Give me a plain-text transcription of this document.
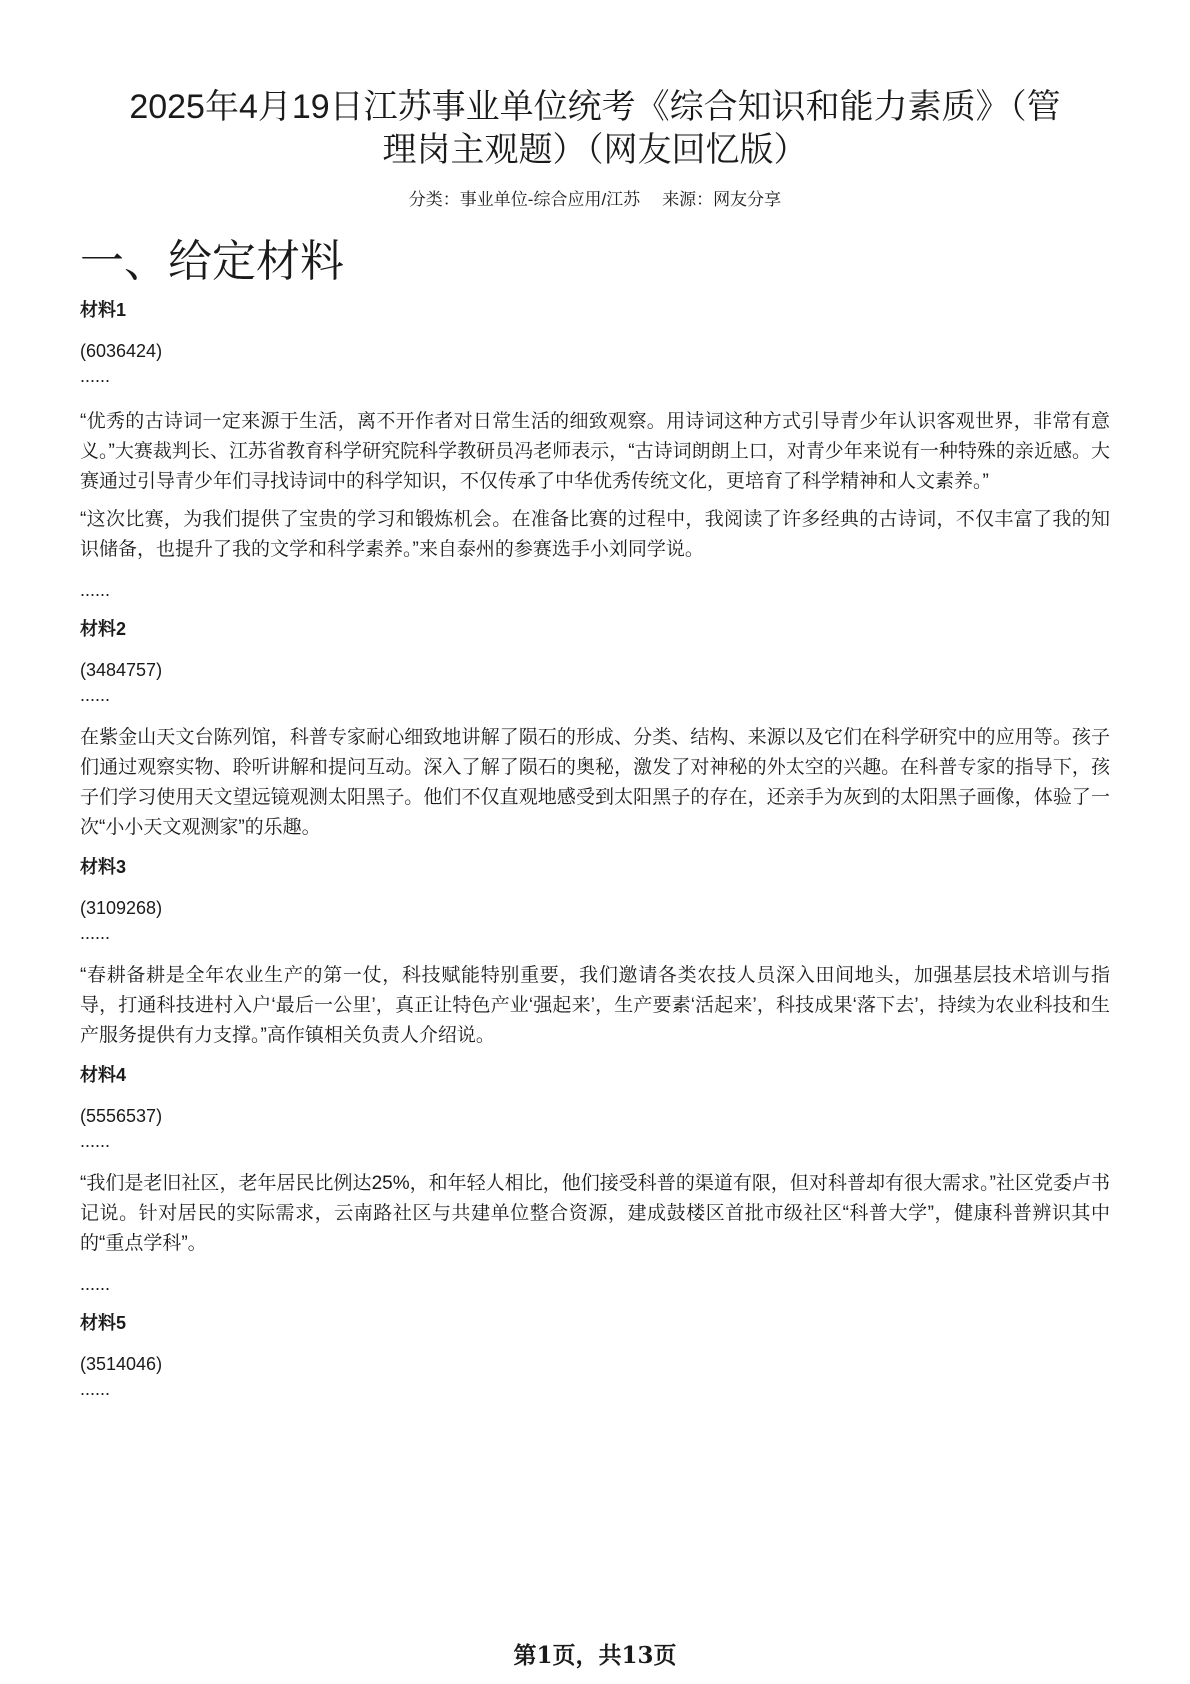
2025年4月19日江苏事业单位统考《综合知识和能力素质》（管
理岗主观题）（网友回忆版）
分类：事业单位-综合应用/江苏 来源：网友分享
一、给定材料

材料1

(6036424)

......

“优秀的古诗词一定来源于生活，离不开作者对日常生活的细致观察。用诗词这种方式引导青少年认识客观世界，非常有意义。”大赛裁判长、江苏省教育科学研究院科学教研员冯老师表示，“古诗词朗朗上口，对青少年来说有一种特殊的亲近感。大赛通过引导青少年们寻找诗词中的科学知识，不仅传承了中华优秀传统文化，更培育了科学精神和人文素养。”

“这次比赛，为我们提供了宝贵的学习和锻炼机会。在准备比赛的过程中，我阅读了许多经典的古诗词，不仅丰富了我的知识储备，也提升了我的文学和科学素养。”来自泰州的参赛选手小刘同学说。

......

材料2

(3484757)

......

在紫金山天文台陈列馆，科普专家耐心细致地讲解了陨石的形成、分类、结构、来源以及它们在科学研究中的应用等。孩子们通过观察实物、聆听讲解和提问互动。深入了解了陨石的奥秘，激发了对神秘的外太空的兴趣。在科普专家的指导下，孩子们学习使用天文望远镜观测太阳黑子。他们不仅直观地感受到太阳黑子的存在，还亲手为灰到的太阳黑子画像，体验了一次“小小天文观测家”的乐趣。

材料3

(3109268)

......

“春耕备耕是全年农业生产的第一仗，科技赋能特别重要，我们邀请各类农技人员深入田间地头，加强基层技术培训与指导，打通科技进村入户‘最后一公里’，真正让特色产业‘强起来’，生产要素‘活起来’，科技成果‘落下去’，持续为农业科技和生产服务提供有力支撑。”高作镇相关负责人介绍说。

材料4

(5556537)

......

“我们是老旧社区，老年居民比例达25%，和年轻人相比，他们接受科普的渠道有限，但对科普却有很大需求。”社区党委卢书记说。针对居民的实际需求，云南路社区与共建单位整合资源，建成鼓楼区首批市级社区“科普大学”，健康科普辨识其中的“重点学科”。

......

材料5

(3514046)

......

第1页，共13页
